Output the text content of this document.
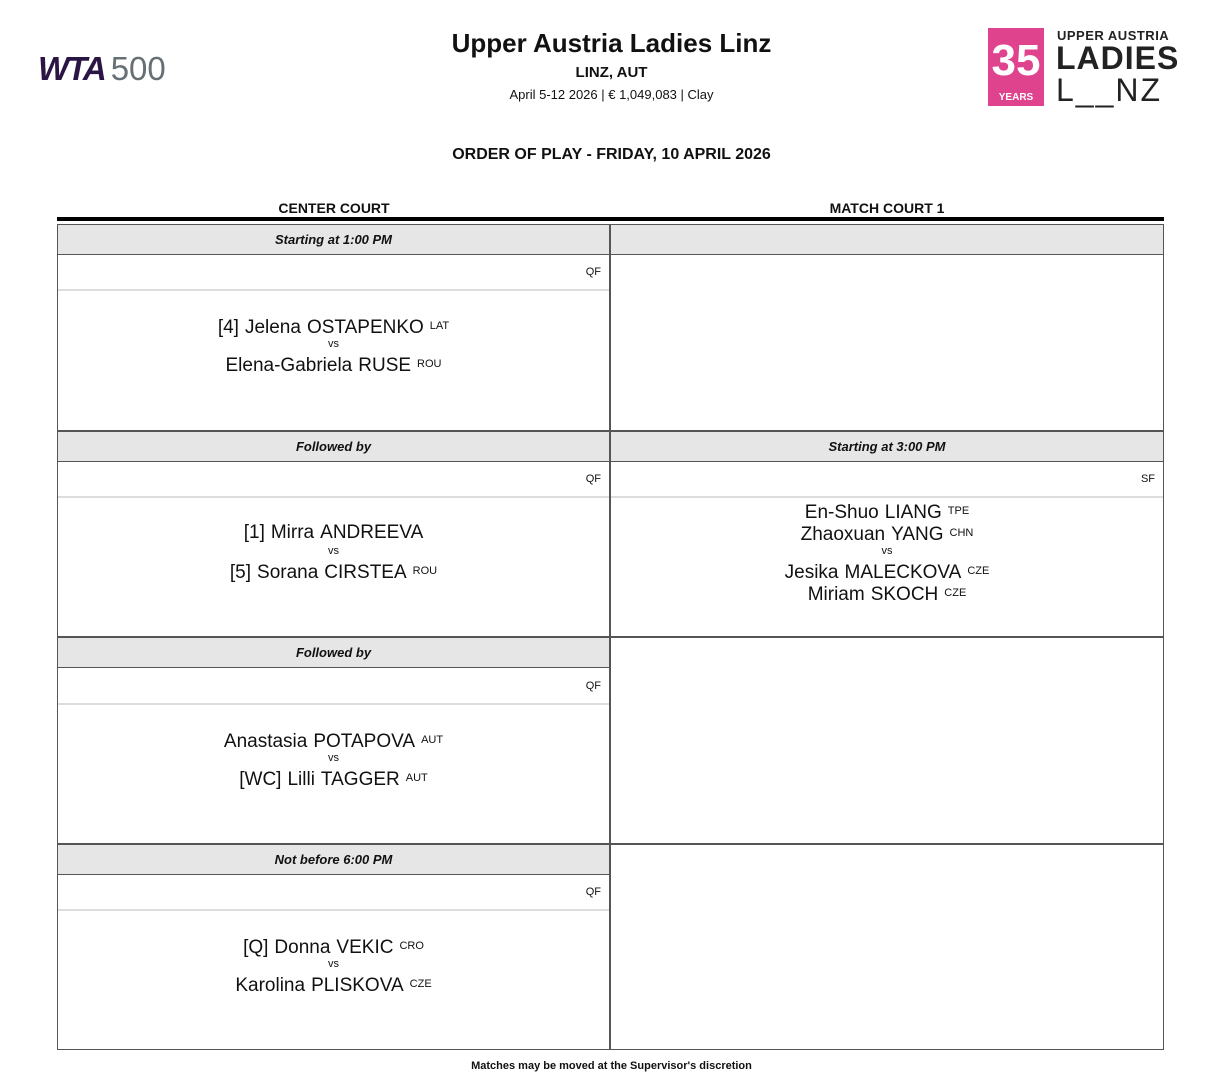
WTA 500
Upper Austria Ladies Linz
LINZ, AUT
April 5-12 2026 | € 1,049,083 | Clay
35
YEARS
UPPER AUSTRIA
LADIES
L__NZ
ORDER OF PLAY - FRIDAY, 10 APRIL 2026
CENTER COURT	MATCH COURT 1
Starting at 1:00 PM
QF
[4] Jelena OSTAPENKO $^{LAT}$
vs
Elena-Gabriela RUSE $^{ROU}$
Followed by
QF
[1] Mirra ANDREEVA
vs
[5] Sorana CIRSTEA $^{ROU}$
Followed by
QF
Anastasia POTAPOVA $^{AUT}$
vs
[WC] Lilli TAGGER $^{AUT}$
Not before 6:00 PM
QF
[Q] Donna VEKIC $^{CRO}$
vs
Karolina PLISKOVA $^{CZE}$
Starting at 3:00 PM
SF
En-Shuo LIANG $^{TPE}$
Zhaoxuan YANG $^{CHN}$
vs
Jesika MALECKOVA $^{CZE}$
Miriam SKOCH $^{CZE}$
Matches may be moved at the Supervisor's discretion
